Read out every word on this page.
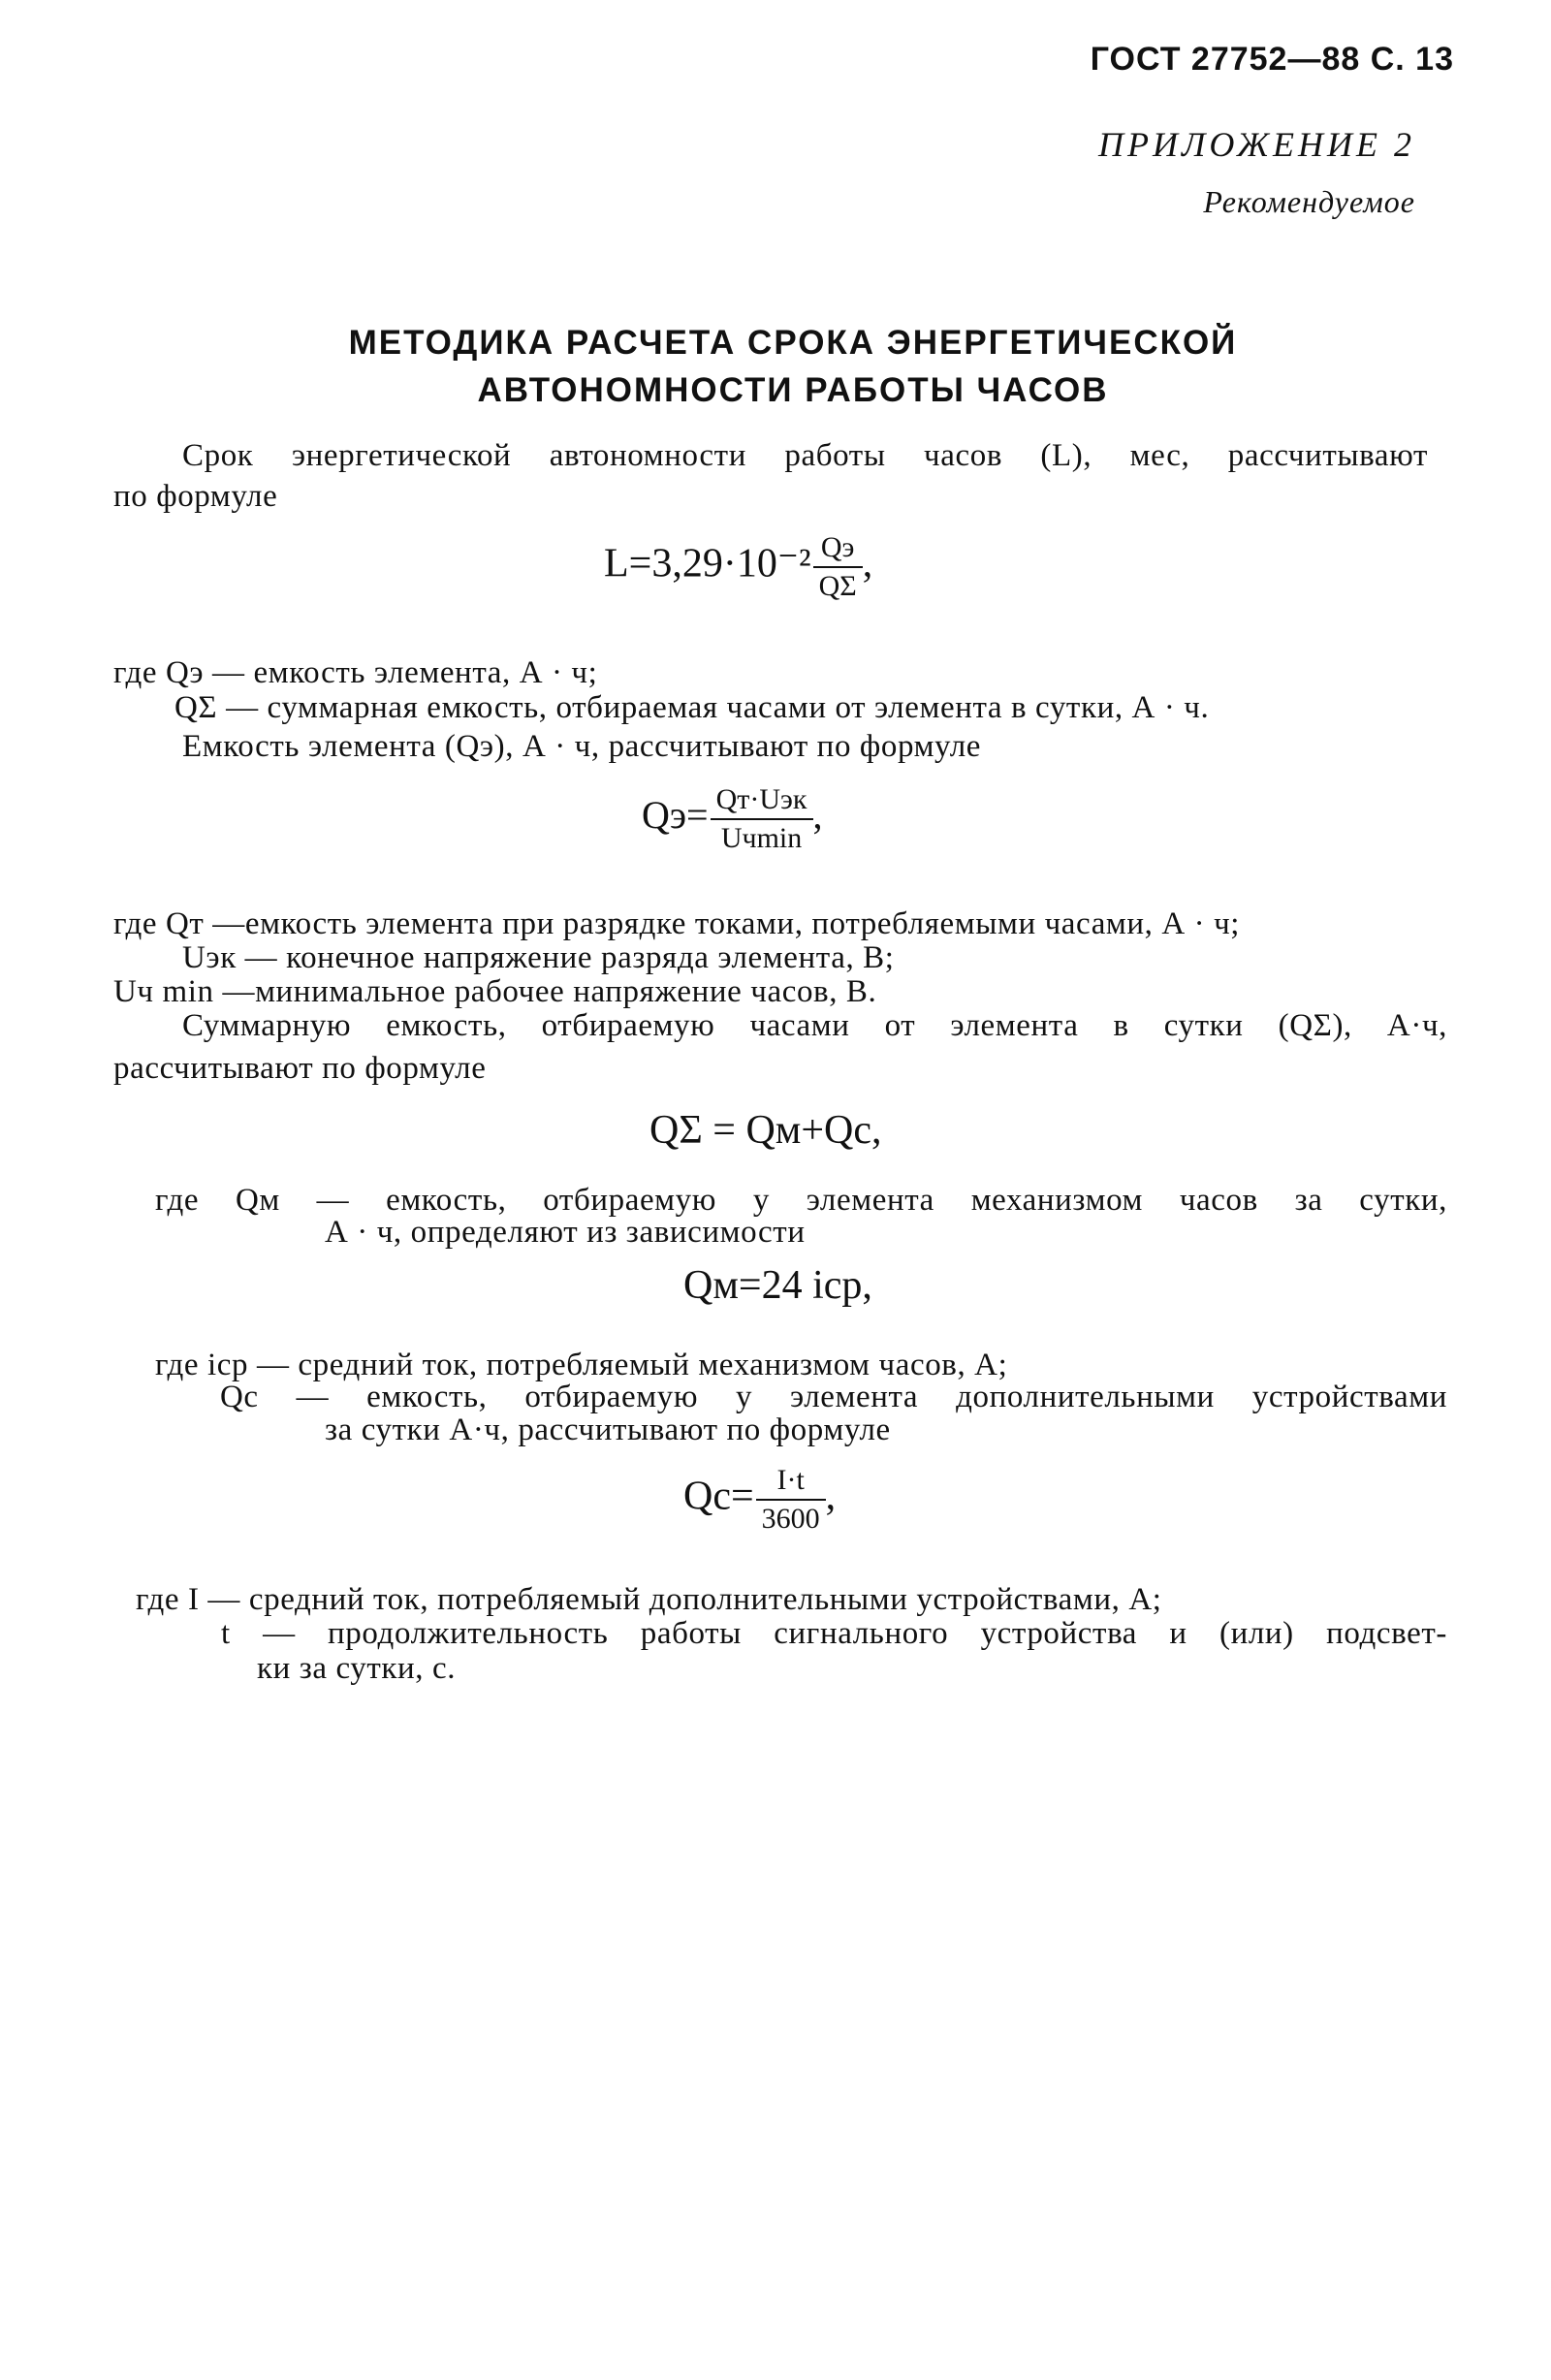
ГОСТ 27752—88 С. 13
ПРИЛОЖЕНИЕ 2
Рекомендуемое
МЕТОДИКА РАСЧЕТА СРОКА ЭНЕРГЕТИЧЕСКОЙ
АВТОНОМНОСТИ РАБОТЫ ЧАСОВ
Срок энергетической автономности работы часов (L), мес, рассчитывают
по формуле
$L=3,29\cdot 10^{-2} \frac{Qэ}{Q\Sigma}$ ,
где Qэ — емкость элемента, А · ч;
QΣ — суммарная емкость, отбираемая часами от элемента в сутки, А · ч.
Емкость элемента (Qэ), А · ч, рассчитывают по формуле
$Qэ= \frac{\text{Qт·Uэк}}{Uч\min}$ ,
где Qт —емкость элемента при разрядке токами, потребляемыми часами, А · ч;
Uэк — конечное напряжение разряда элемента, В;
Uч min —минимальное рабочее напряжение часов, В.
Суммарную емкость, отбираемую часами от элемента в сутки (QΣ), А·ч,
рассчитывают по формуле
QΣ = Qм+Qс,
где Qм — емкость, отбираемую у элемента механизмом часов за сутки,
А · ч, определяют из зависимости
Qм=24 iср,
где iср — средний ток, потребляемый механизмом часов, А;
Qс — емкость, отбираемую у элемента дополнительными устройствами
за сутки А·ч, рассчитывают по формуле
$Qс= \frac{I\cdot t}{3600}$ ,
где I — средний ток, потребляемый дополнительными устройствами, А;
t — продолжительность работы сигнального устройства и (или) подсвет-
ки за сутки, с.
